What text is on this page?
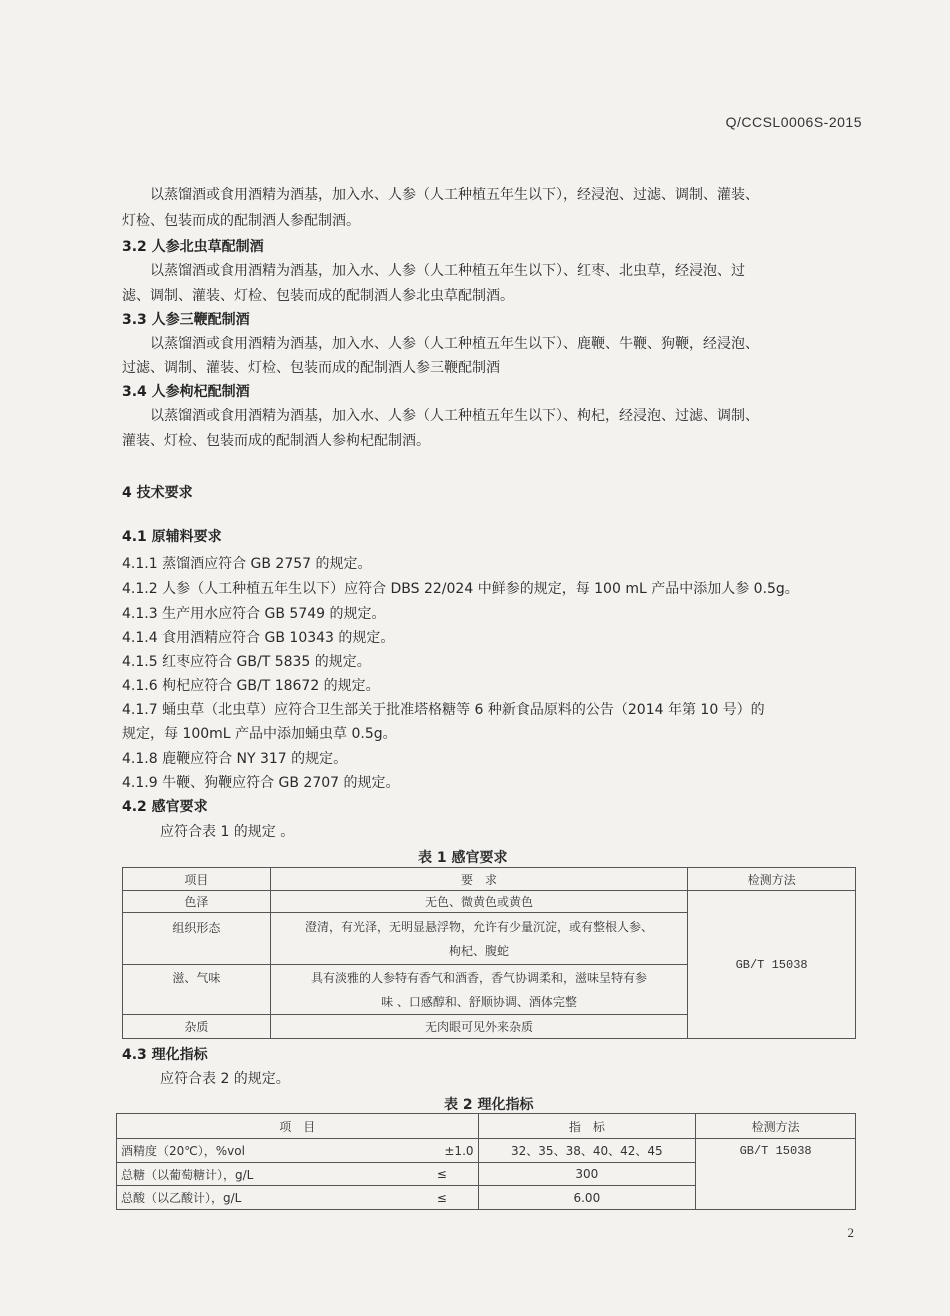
Q/CCSL0006S-2015
以蒸馏酒或食用酒精为酒基，加入水、人参（人工种植五年生以下），经浸泡、过滤、调制、灌装、
灯检、包装而成的配制酒人参配制酒。
3.2 人参北虫草配制酒
以蒸馏酒或食用酒精为酒基，加入水、人参（人工种植五年生以下）、红枣、北虫草，经浸泡、过
滤、调制、灌装、灯检、包装而成的配制酒人参北虫草配制酒。
3.3 人参三鞭配制酒
以蒸馏酒或食用酒精为酒基，加入水、人参（人工种植五年生以下）、鹿鞭、牛鞭、狗鞭，经浸泡、
过滤、调制、灌装、灯检、包装而成的配制酒人参三鞭配制酒
3.4 人参枸杞配制酒
以蒸馏酒或食用酒精为酒基，加入水、人参（人工种植五年生以下）、枸杞，经浸泡、过滤、调制、
灌装、灯检、包装而成的配制酒人参枸杞配制酒。
4 技术要求
4.1 原辅料要求
4.1.1 蒸馏酒应符合 GB 2757 的规定。
4.1.2 人参（人工种植五年生以下）应符合 DBS 22/024 中鲜参的规定，每 100 mL 产品中添加人参 0.5g。
4.1.3 生产用水应符合 GB 5749 的规定。
4.1.4 食用酒精应符合 GB 10343 的规定。
4.1.5 红枣应符合 GB/T 5835 的规定。
4.1.6 枸杞应符合 GB/T 18672 的规定。
4.1.7 蛹虫草（北虫草）应符合卫生部关于批准塔格糖等 6 种新食品原料的公告（2014 年第 10 号）的
规定，每 100mL 产品中添加蛹虫草 0.5g。
4.1.8 鹿鞭应符合 NY 317 的规定。
4.1.9 牛鞭、狗鞭应符合 GB 2707 的规定。
4.2 感官要求
应符合表 1 的规定 。
表 1 感官要求
项目	要　求	检测方法
色泽	无色、微黄色或黄色	GB/T 15038
组织形态	澄清，有光泽，无明显悬浮物，允许有少量沉淀，或有整根人参、
枸杞、腹蛇	

滋、气味	具有淡雅的人参特有香气和酒香，香气协调柔和，滋味呈特有参
味 、口感醇和、舒顺协调、酒体完整	

杂质	无肉眼可见外来杂质	
4.3 理化指标
应符合表 2 的规定。
表 2 理化指标
项　目		指　标	检测方法
酒精度（20℃），%vol	±1.0	32、35、38、40、42、45	GB/T 15038
总糖（以葡萄糖计），g/L	≤	300	
总酸（以乙酸计），g/L	≤	6.00	
2
